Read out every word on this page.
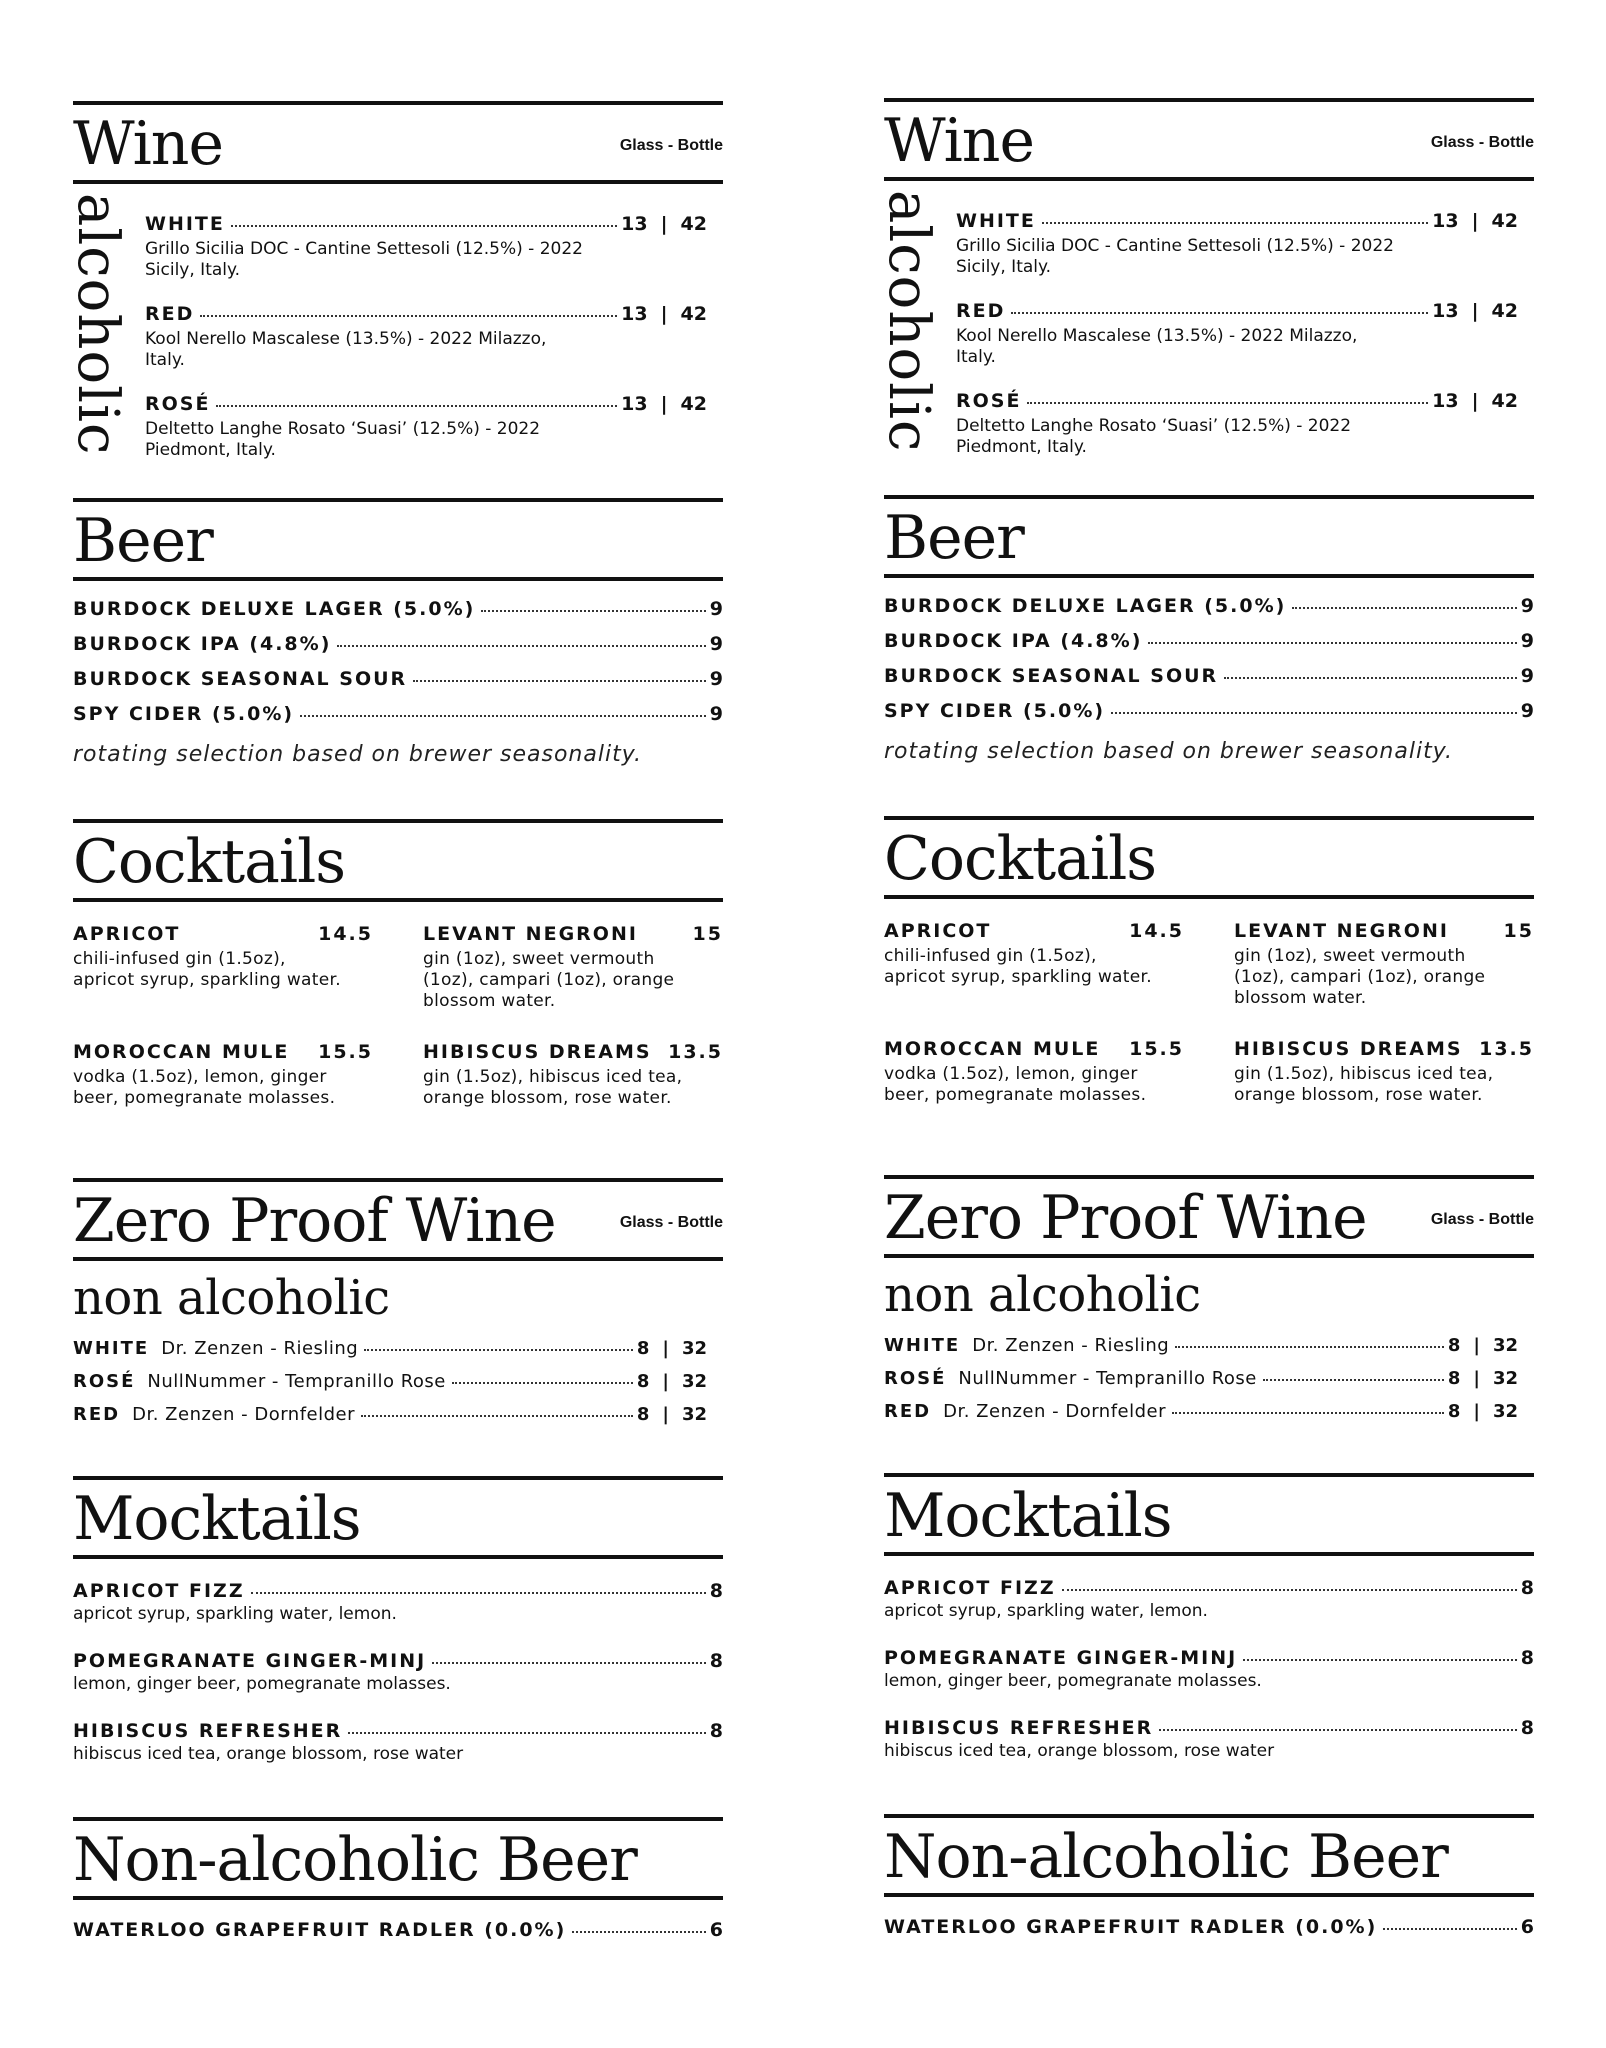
Wine	Glass - Bottle
alcoholic WHITE	13 | 42
Grillo Sicilia DOC - Cantine Settesoli (12.5%) - 2022 Sicily, Italy.
RED	13 | 42
Kool Nerello Mascalese (13.5%) - 2022 Milazzo, Italy.
ROSÉ	13 | 42
Deltetto Langhe Rosato ‘Suasi’ (12.5%) - 2022 Piedmont, Italy.
Beer
BURDOCK DELUXE LAGER (5.0%)	9
BURDOCK IPA (4.8%)	9
BURDOCK SEASONAL SOUR	9
SPY CIDER (5.0%)	9
rotating selection based on brewer seasonality.
Cocktails
APRICOT	14.5
chili-infused gin (1.5oz), apricot syrup, sparkling water.
LEVANT NEGRONI	15
gin (1oz), sweet vermouth (1oz), campari (1oz), orange blossom water.
MOROCCAN MULE 15.5
vodka (1.5oz), lemon, ginger beer, pomegranate molasses.
HIBISCUS DREAMS 13.5
gin (1.5oz), hibiscus iced tea, orange blossom, rose water.
Zero Proof Wine	Glass - Bottle
non alcoholic
WHITE Dr. Zenzen - Riesling	8 | 32
ROSÉ NullNummer - Tempranillo Rose	8 | 32
RED Dr. Zenzen - Dornfelder	8 | 32
Mocktails
APRICOT FIZZ	8
apricot syrup, sparkling water, lemon.
POMEGRANATE GINGER-MINJ	8
lemon, ginger beer, pomegranate molasses.
HIBISCUS REFRESHER	8
hibiscus iced tea, orange blossom, rose water
Non-alcoholic Beer
WATERLOO GRAPEFRUIT RADLER (0.0%)	6
Wine	Glass - Bottle
alcoholic WHITE	13 | 42
Grillo Sicilia DOC - Cantine Settesoli (12.5%) - 2022 Sicily, Italy.
RED	13 | 42
Kool Nerello Mascalese (13.5%) - 2022 Milazzo, Italy.
ROSÉ	13 | 42
Deltetto Langhe Rosato ‘Suasi’ (12.5%) - 2022 Piedmont, Italy.
Beer
BURDOCK DELUXE LAGER (5.0%)	9
BURDOCK IPA (4.8%)	9
BURDOCK SEASONAL SOUR	9
SPY CIDER (5.0%)	9
rotating selection based on brewer seasonality.
Cocktails
APRICOT	14.5
chili-infused gin (1.5oz), apricot syrup, sparkling water.
LEVANT NEGRONI	15
gin (1oz), sweet vermouth (1oz), campari (1oz), orange blossom water.
MOROCCAN MULE 15.5
vodka (1.5oz), lemon, ginger beer, pomegranate molasses.
HIBISCUS DREAMS 13.5
gin (1.5oz), hibiscus iced tea, orange blossom, rose water.
Zero Proof Wine	Glass - Bottle
non alcoholic
WHITE Dr. Zenzen - Riesling	8 | 32
ROSÉ NullNummer - Tempranillo Rose	8 | 32
RED Dr. Zenzen - Dornfelder	8 | 32
Mocktails
APRICOT FIZZ	8
apricot syrup, sparkling water, lemon.
POMEGRANATE GINGER-MINJ	8
lemon, ginger beer, pomegranate molasses.
HIBISCUS REFRESHER	8
hibiscus iced tea, orange blossom, rose water
Non-alcoholic Beer
WATERLOO GRAPEFRUIT RADLER (0.0%)	6
